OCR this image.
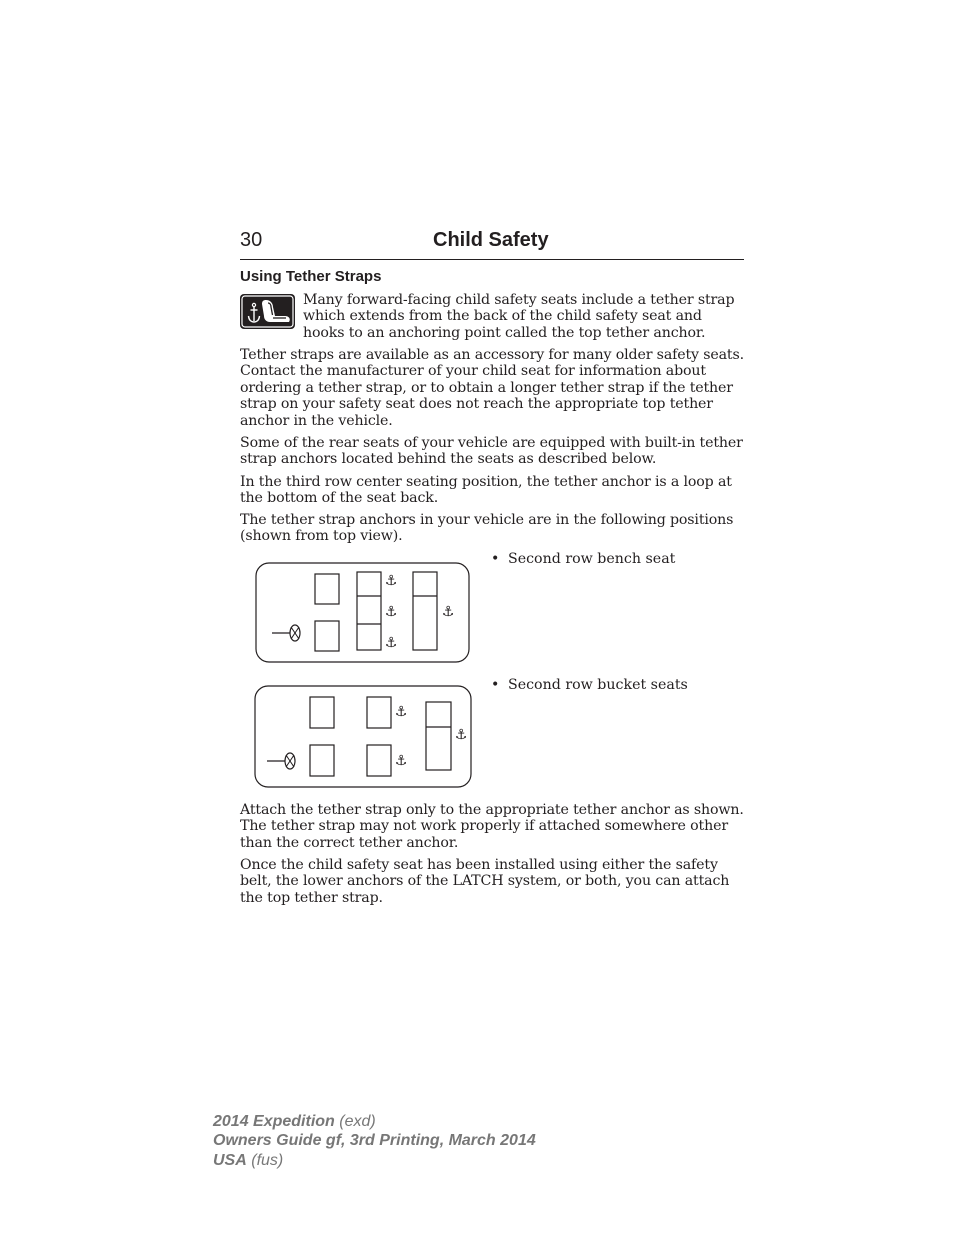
30	Child Safety
Using Tether Straps
Many forward-facing child safety seats include a tether strap which extends from the back of the child safety seat and hooks to an anchoring point called the top tether anchor.
Tether straps are available as an accessory for many older safety seats. Contact the manufacturer of your child seat for information about ordering a tether strap, or to obtain a longer tether strap if the tether strap on your safety seat does not reach the appropriate top tether anchor in the vehicle.
Some of the rear seats of your vehicle are equipped with built-in tether strap anchors located behind the seats as described below.
In the third row center seating position, the tether anchor is a loop at the bottom of the seat back.
The tether strap anchors in your vehicle are in the following positions (shown from top view).
• Second row bench seat
⚓
⚓
⚓
⚓
• Second row bucket seats
⚓
⚓
⚓
Attach the tether strap only to the appropriate tether anchor as shown. The tether strap may not work properly if attached somewhere other than the correct tether anchor.
Once the child safety seat has been installed using either the safety belt, the lower anchors of the LATCH system, or both, you can attach the top tether strap.
2014 Expedition (exd)
Owners Guide gf, 3rd Printing, March 2014
USA (fus)
